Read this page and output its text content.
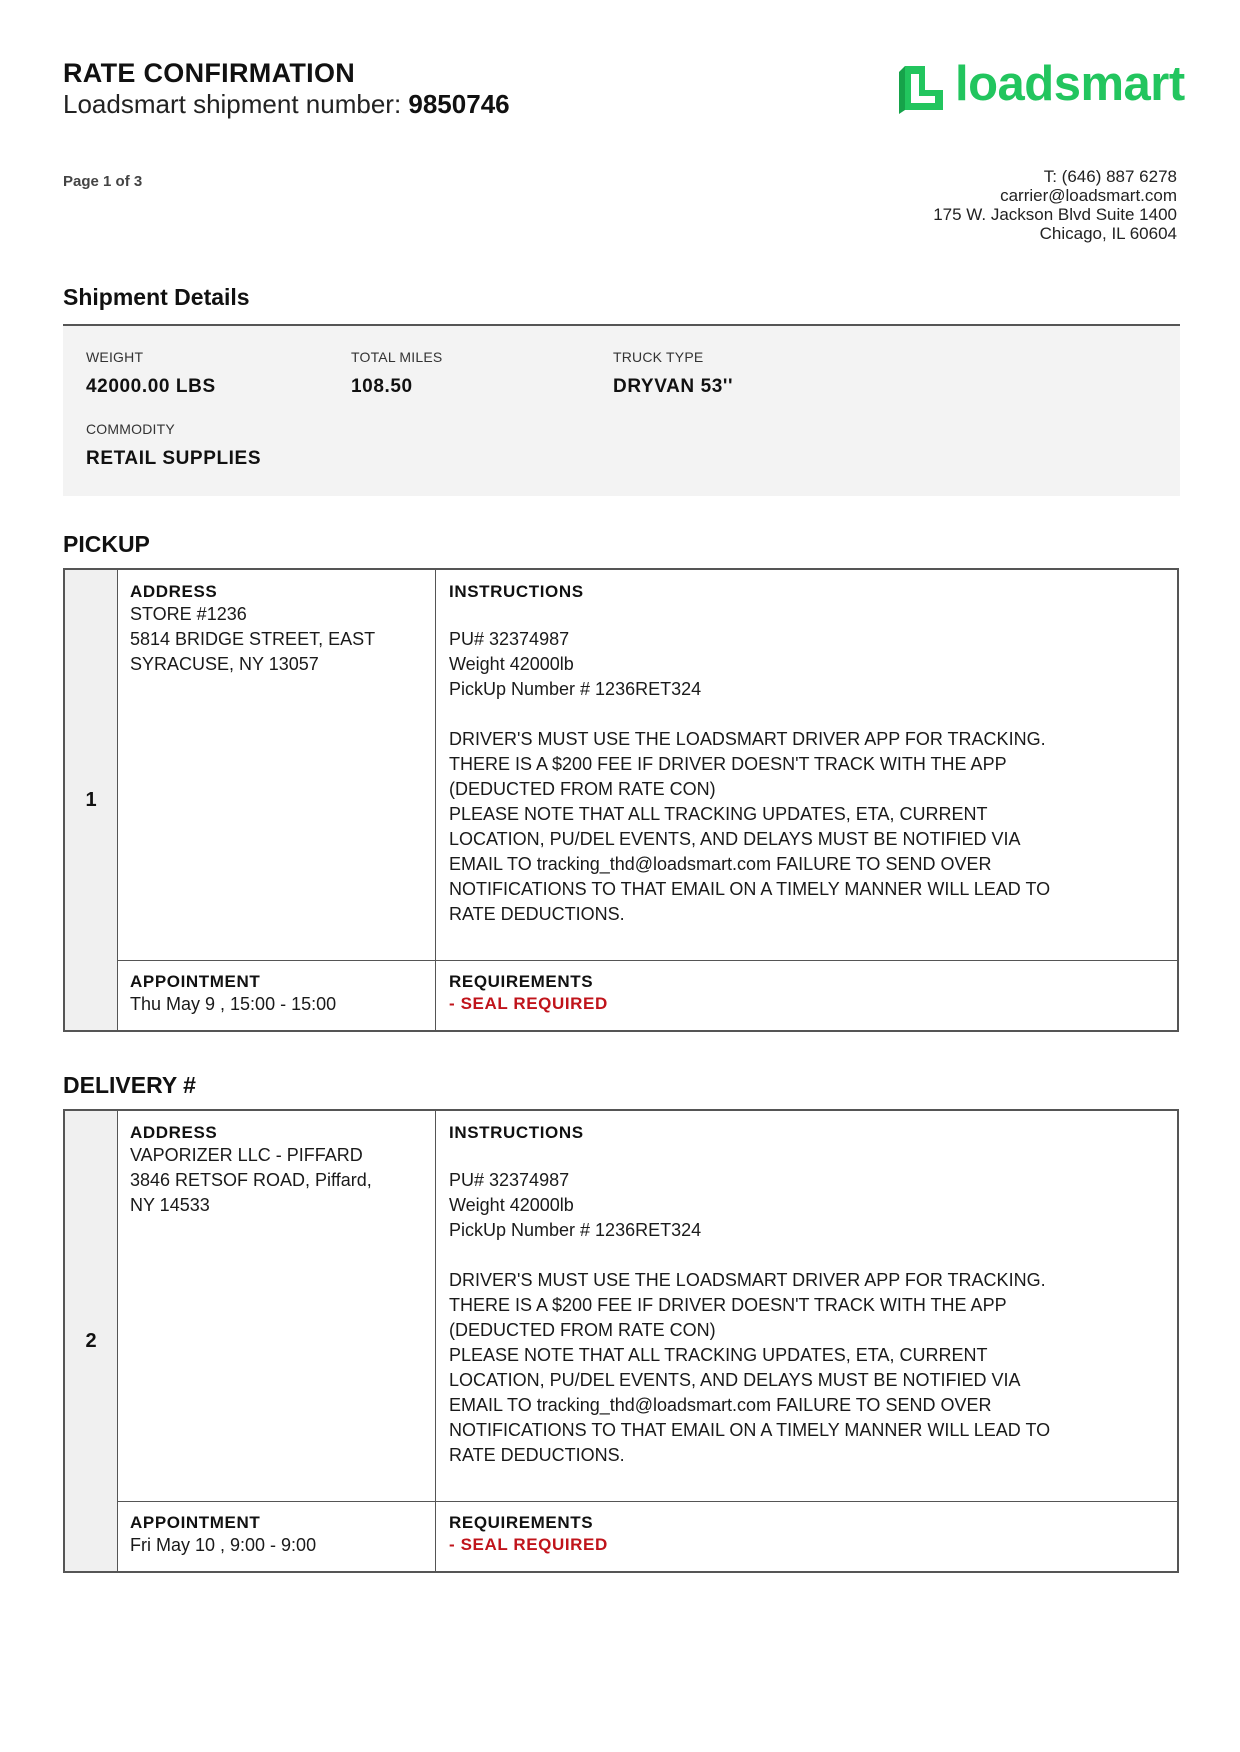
RATE CONFIRMATION
Loadsmart shipment number: 9850746
Page 1 of 3
loadsmart
T: (646) 887 6278
carrier@loadsmart.com
175 W. Jackson Blvd Suite 1400
Chicago, IL 60604
Shipment Details
WEIGHT
42000.00 LBS
TOTAL MILES
108.50
TRUCK TYPE
DRYVAN 53''
COMMODITY
RETAIL SUPPLIES
PICKUP
1
ADDRESS
STORE #1236
5814 BRIDGE STREET, EAST
SYRACUSE, NY 13057
INSTRUCTIONS

PU# 32374987
Weight 42000lb
PickUp Number # 1236RET324

DRIVER'S MUST USE THE LOADSMART DRIVER APP FOR TRACKING.
THERE IS A $200 FEE IF DRIVER DOESN'T TRACK WITH THE APP
(DEDUCTED FROM RATE CON)
PLEASE NOTE THAT ALL TRACKING UPDATES, ETA, CURRENT
LOCATION, PU/DEL EVENTS, AND DELAYS MUST BE NOTIFIED VIA
EMAIL TO tracking_thd@loadsmart.com FAILURE TO SEND OVER
NOTIFICATIONS TO THAT EMAIL ON A TIMELY MANNER WILL LEAD TO
RATE DEDUCTIONS.
APPOINTMENT
Thu May 9 , 15:00 - 15:00
REQUIREMENTS
- SEAL REQUIRED
DELIVERY #
2
ADDRESS
VAPORIZER LLC - PIFFARD
3846 RETSOF ROAD, Piffard,
NY 14533
INSTRUCTIONS

PU# 32374987
Weight 42000lb
PickUp Number # 1236RET324

DRIVER'S MUST USE THE LOADSMART DRIVER APP FOR TRACKING.
THERE IS A $200 FEE IF DRIVER DOESN'T TRACK WITH THE APP
(DEDUCTED FROM RATE CON)
PLEASE NOTE THAT ALL TRACKING UPDATES, ETA, CURRENT
LOCATION, PU/DEL EVENTS, AND DELAYS MUST BE NOTIFIED VIA
EMAIL TO tracking_thd@loadsmart.com FAILURE TO SEND OVER
NOTIFICATIONS TO THAT EMAIL ON A TIMELY MANNER WILL LEAD TO
RATE DEDUCTIONS.
APPOINTMENT
Fri May 10 , 9:00 - 9:00
REQUIREMENTS
- SEAL REQUIRED
